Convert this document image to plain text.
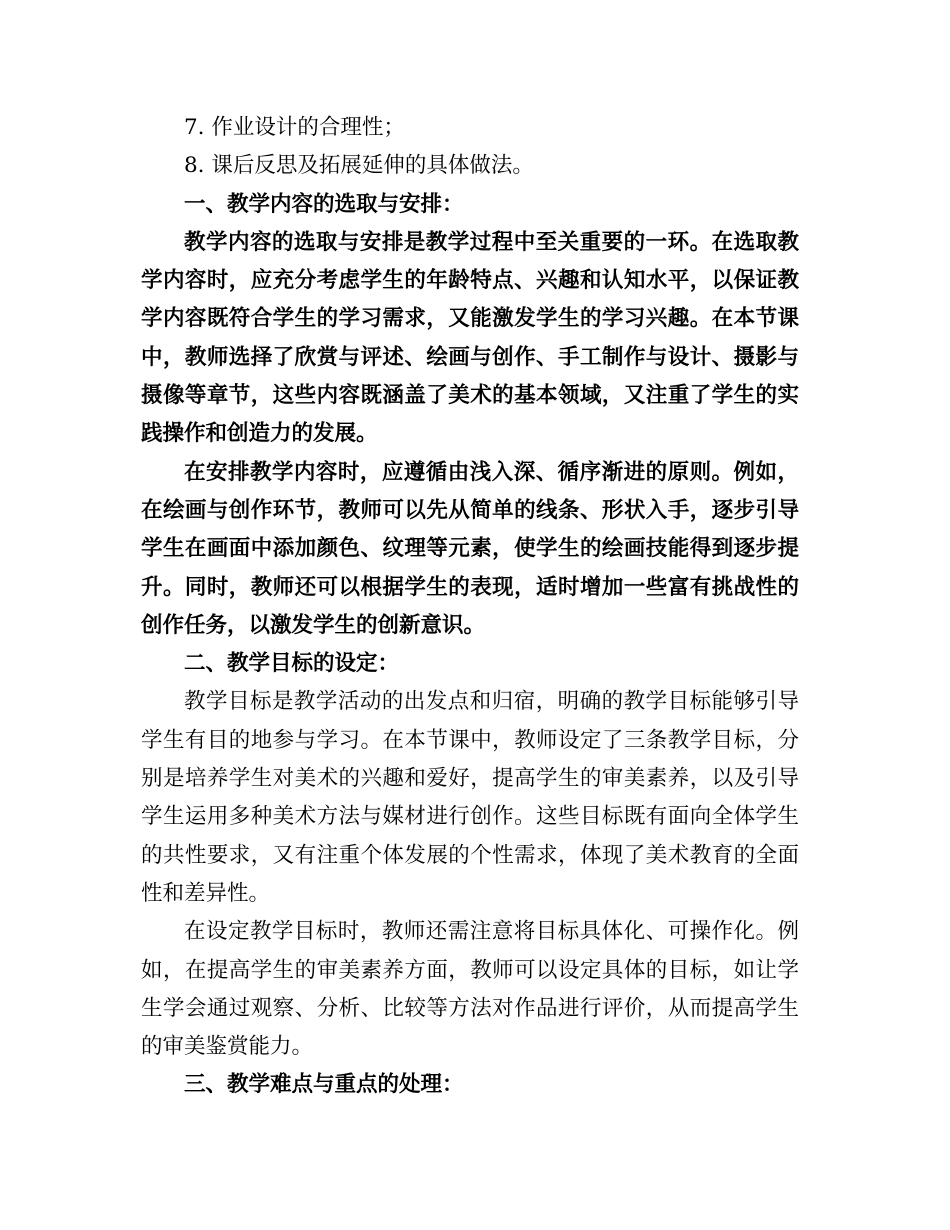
7. 作业设计的合理性；

8. 课后反思及拓展延伸的具体做法。

一、教学内容的选取与安排：

教学内容的选取与安排是教学过程中至关重要的一环。在选取教学内容时，应充分考虑学生的年龄特点、兴趣和认知水平，以保证教学内容既符合学生的学习需求，又能激发学生的学习兴趣。在本节课中，教师选择了欣赏与评述、绘画与创作、手工制作与设计、摄影与摄像等章节，这些内容既涵盖了美术的基本领域，又注重了学生的实践操作和创造力的发展。

在安排教学内容时，应遵循由浅入深、循序渐进的原则。例如，在绘画与创作环节，教师可以先从简单的线条、形状入手，逐步引导学生在画面中添加颜色、纹理等元素，使学生的绘画技能得到逐步提升。同时，教师还可以根据学生的表现，适时增加一些富有挑战性的创作任务，以激发学生的创新意识。

二、教学目标的设定：

教学目标是教学活动的出发点和归宿，明确的教学目标能够引导学生有目的地参与学习。在本节课中，教师设定了三条教学目标，分别是培养学生对美术的兴趣和爱好，提高学生的审美素养，以及引导学生运用多种美术方法与媒材进行创作。这些目标既有面向全体学生的共性要求，又有注重个体发展的个性需求，体现了美术教育的全面性和差异性。

在设定教学目标时，教师还需注意将目标具体化、可操作化。例如，在提高学生的审美素养方面，教师可以设定具体的目标，如让学生学会通过观察、分析、比较等方法对作品进行评价，从而提高学生的审美鉴赏能力。

三、教学难点与重点的处理：
